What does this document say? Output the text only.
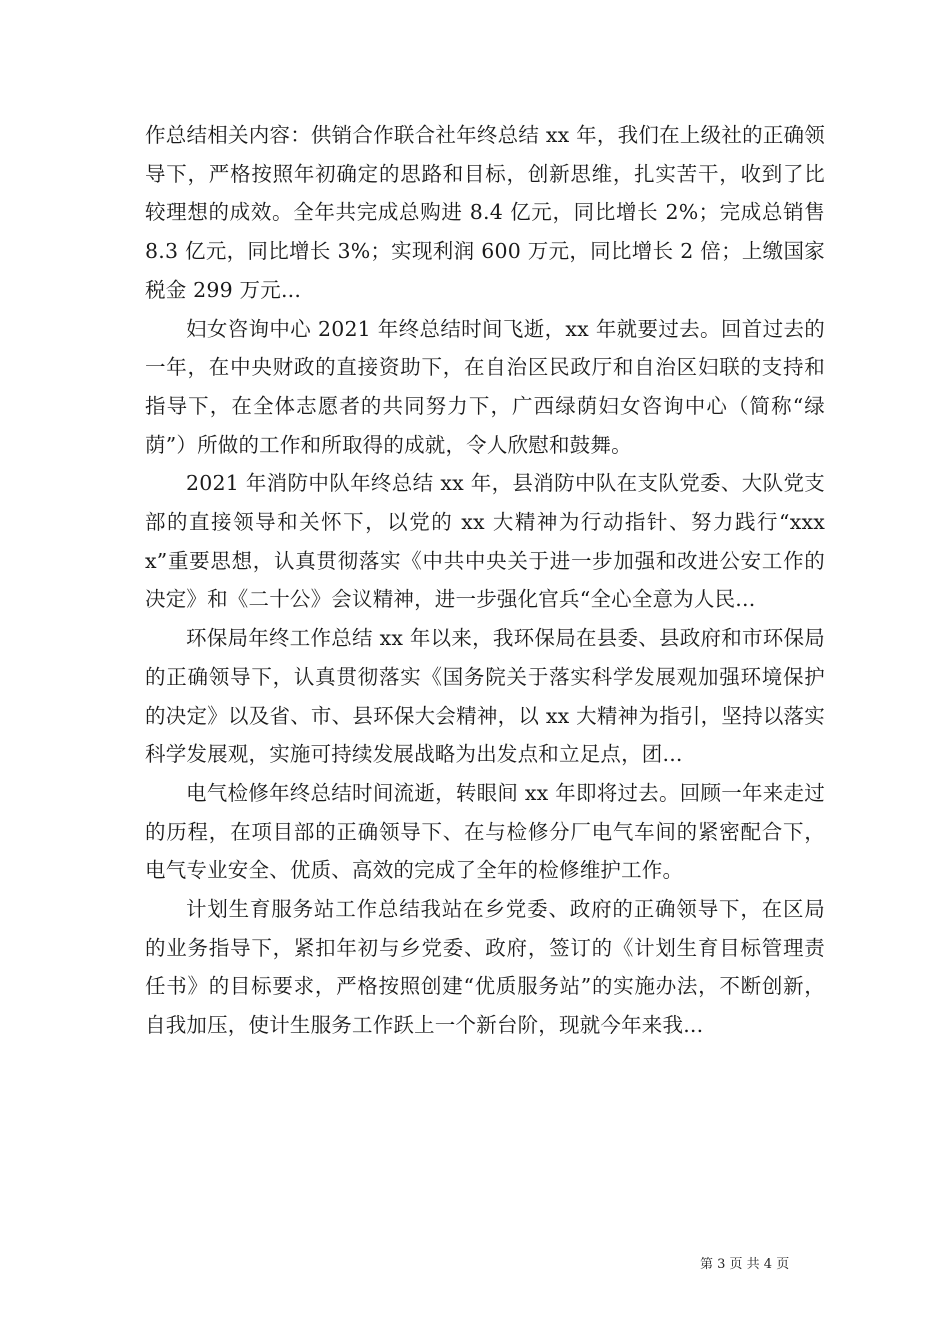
作总结相关内容：供销合作联合社年终总结 xx 年，我们在上级社的正确领导下，严格按照年初确定的思路和目标，创新思维，扎实苦干，收到了比较理想的成效。全年共完成总购进 8.4 亿元，同比增长 2%；完成总销售 8.3 亿元，同比增长 3%；实现利润 600 万元，同比增长 2 倍；上缴国家税金 299 万元...

妇女咨询中心 2021 年终总结时间飞逝，xx 年就要过去。回首过去的一年，在中央财政的直接资助下，在自治区民政厅和自治区妇联的支持和指导下，在全体志愿者的共同努力下，广西绿荫妇女咨询中心（简称“绿荫”）所做的工作和所取得的成就，令人欣慰和鼓舞。

2021 年消防中队年终总结 xx 年，县消防中队在支队党委、大队党支部的直接领导和关怀下，以党的 xx 大精神为行动指针、努力践行“xxxx”重要思想，认真贯彻落实《中共中央关于进一步加强和改进公安工作的决定》和《二十公》会议精神，进一步强化官兵“全心全意为人民...

环保局年终工作总结 xx 年以来，我环保局在县委、县政府和市环保局的正确领导下，认真贯彻落实《国务院关于落实科学发展观加强环境保护的决定》以及省、市、县环保大会精神，以 xx 大精神为指引，坚持以落实科学发展观，实施可持续发展战略为出发点和立足点，团...

电气检修年终总结时间流逝，转眼间 xx 年即将过去。回顾一年来走过的历程，在项目部的正确领导下、在与检修分厂电气车间的紧密配合下，电气专业安全、优质、高效的完成了全年的检修维护工作。

计划生育服务站工作总结我站在乡党委、政府的正确领导下，在区局的业务指导下，紧扣年初与乡党委、政府，签订的《计划生育目标管理责任书》的目标要求，严格按照创建“优质服务站”的实施办法，不断创新，自我加压，使计生服务工作跃上一个新台阶，现就今年来我...

第 3 页 共 4 页
